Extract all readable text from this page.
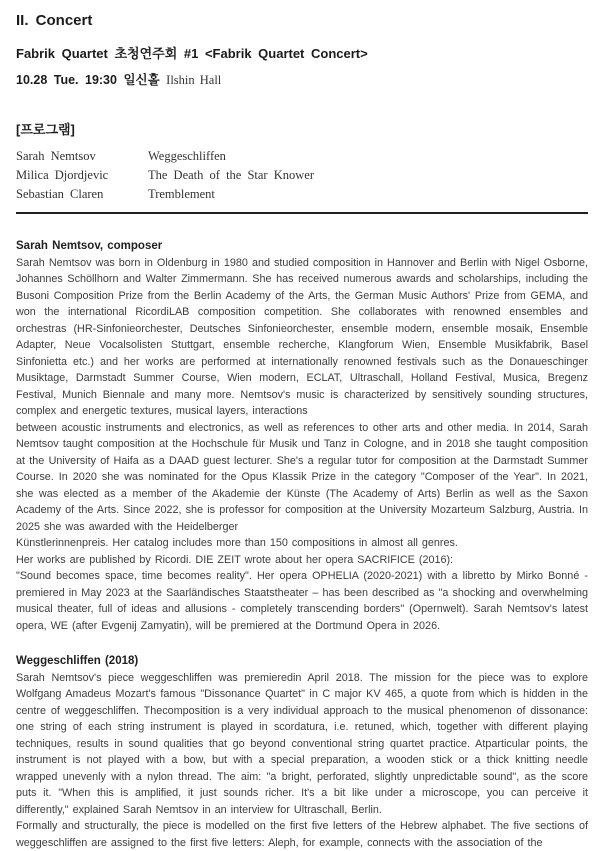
II. Concert
Fabrik Quartet 초청연주회 #1 <Fabrik Quartet Concert>
10.28 Tue. 19:30 일신홀 Ilshin Hall
[프로그램]
Sarah Nemtsov	Weggeschliffen
Milica Djordjevic	The Death of the Star Knower
Sebastian Claren	Tremblement
Sarah Nemtsov, composer
Sarah Nemtsov was born in Oldenburg in 1980 and studied composition in Hannover and Berlin with Nigel Osborne, Johannes Schöllhorn and Walter Zimmermann. She has received numerous awards and scholarships, including the Busoni Composition Prize from the Berlin Academy of the Arts, the German Music Authors' Prize from GEMA, and won the international RicordiLAB composition competition. She collaborates with renowned ensembles and orchestras (HR-Sinfonieorchester, Deutsches Sinfonieorchester, ensemble modern, ensemble mosaik, Ensemble Adapter, Neue Vocalsolisten Stuttgart, ensemble recherche, Klangforum Wien, Ensemble Musikfabrik, Basel Sinfonietta etc.) and her works are performed at internationally renowned festivals such as the Donaueschinger Musiktage, Darmstadt Summer Course, Wien modern, ECLAT, Ultraschall, Holland Festival, Musica, Bregenz Festival, Munich Biennale and many more. Nemtsov's music is characterized by sensitively sounding structures, complex and energetic textures, musical layers, interactions
between acoustic instruments and electronics, as well as references to other arts and other media. In 2014, Sarah Nemtsov taught composition at the Hochschule für Musik und Tanz in Cologne, and in 2018 she taught composition at the University of Haifa as a DAAD guest lecturer. She's a regular tutor for composition at the Darmstadt Summer Course. In 2020 she was nominated for the Opus Klassik Prize in the category "Composer of the Year". In 2021, she was elected as a member of the Akademie der Künste (The Academy of Arts) Berlin as well as the Saxon Academy of the Arts. Since 2022, she is professor for composition at the University Mozarteum Salzburg, Austria. In 2025 she was awarded with the Heidelberger
Künstlerinnenpreis. Her catalog includes more than 150 compositions in almost all genres.
Her works are published by Ricordi. DIE ZEIT wrote about her opera SACRIFICE (2016):
"Sound becomes space, time becomes reality". Her opera OPHELIA (2020-2021) with a libretto by Mirko Bonné - premiered in May 2023 at the Saarländisches Staatstheater – has been described as "a shocking and overwhelming musical theater, full of ideas and allusions - completely transcending borders" (Opernwelt). Sarah Nemtsov's latest opera, WE (after Evgenij Zamyatin), will be premiered at the Dortmund Opera in 2026.
Weggeschliffen (2018)
Sarah Nemtsov's piece weggeschliffen was premieredin April 2018. The mission for the piece was to explore Wolfgang Amadeus Mozart's famous "Dissonance Quartet" in C major KV 465, a quote from which is hidden in the centre of weggeschliffen. Thecomposition is a very individual approach to the musical phenomenon of dissonance: one string of each string instrument is played in scordatura, i.e. retuned, which, together with different playing techniques, results in sound qualities that go beyond conventional string quartet practice. Atparticular points, the instrument is not played with a bow, but with a special preparation, a wooden stick or a thick knitting needle wrapped unevenly with a nylon thread. The aim: "a bright, perforated, slightly unpredictable sound", as the score puts it. "When this is amplified, it just sounds richer. It's a bit like under a microscope, you can perceive it differently," explained Sarah Nemtsov in an interview for Ultraschall, Berlin.
Formally and structurally, the piece is modelled on the first five letters of the Hebrew alphabet. The five sections of weggeschliffen are assigned to the first five letters: Aleph, for example, connects with the association of the
